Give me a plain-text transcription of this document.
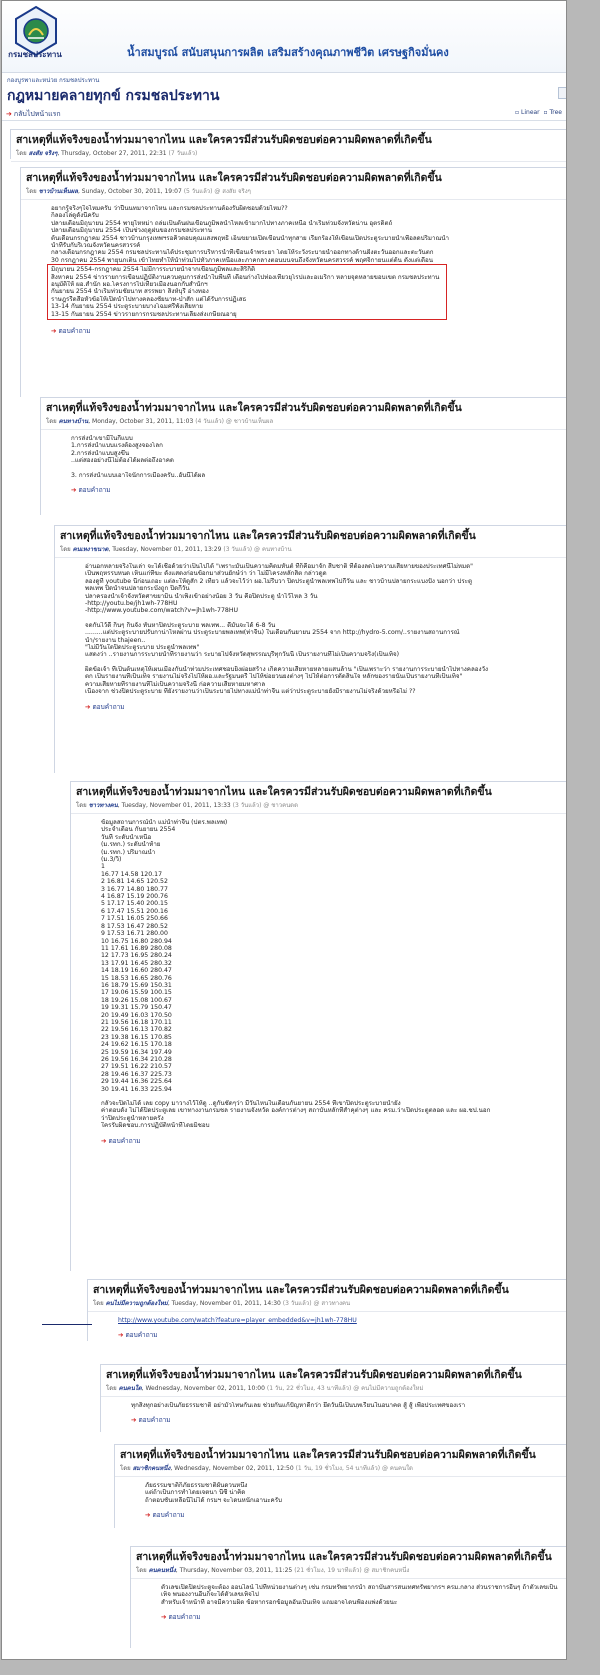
กรมชลประทาน	น้ำสมบูรณ์ สนับสนุนการผลิต เสริมสร้างคุณภาพชีวิต เศรษฐกิจมั่นคง
กองบูรพาและหน่วย กรมชลประทาน
กฎหมายคลายทุกข์ กรมชลประทาน
➔ กลับไปหน้าแรก	▫ Linear ▫ Tree
สาเหตุที่แท้จริงของน้ำท่วมมาจากไหน และใครควรมีส่วนรับผิดชอบต่อความผิดพลาดที่เกิดขึ้น
โดย สงสัย จริงๆ, Thursday, October 27, 2011, 22:31 (7 วันแล้ว)
สาเหตุที่แท้จริงของน้ำท่วมมาจากไหน และใครควรมีส่วนรับผิดชอบต่อความผิดพลาดที่เกิดขึ้น
โดย ชาวบ้านเห็นผล, Sunday, October 30, 2011, 19:07 (5 วันแล้ว) @ สงสัย จริงๆ
อยากรู้จริงๆใจไหมครับ ว่าปีนนทมาจากไหน และกรมชลประทานต้องรับผิดชอบด้วยไหม??
ก็ลองไล่ดูดังนี้ครับ
ปลายเดือนมิถุนายน 2554 พายุไหหม่า ถล่มเป็นต้นฝนเขื่อนภูมิพลน้ำไหลเข้ามากไปทางภาคเหนือ น้ำเริ่มท่วมจังหวัดน่าน อุตรดิตถ์
ปลายเดือนมิถุนายน 2554 เป็นช่วงฤดูฝนของกรมชลประทาน
ต้นเดือนกรกฎาคม 2554 ชาวบ้านกรุงเทพฯรอคิวตอบคุณแสงพฤทธิ์ เอ็นขยายเปิดเขื่อนน้ำทุกสาย เรียกร้องให้เขื่อนเปิดประตูระบายน้ำเพื่อลดปริมาณน้ำ
น้ำที่รับกับริเวณจังหวัดนครสวรรค์
กลางเดือนกรกฎาคม 2554 กรมชลประทานได้ประชุมการบริหารน้ำที่เขื่อนเจ้าพระยา โดยให้ระวังระบายน้ำออกทางด้านฝั่งตะวันออกและตะวันตก
30 กรกฎาคม 2554 พายุนกเต็น เข้าไทยทำให้น้ำท่วมไปทั่วภาคเหนือและภาคกลางตอนบนจนถึงจังหวัดนครสวรรค์ พฤศจิกายนแต่ต้น ตั้งแต่เดือน
มิถุนายน 2554-กรกฎาคม 2554 ไม่มีการระบายน้ำจากเขื่อนภูมิพลและสิริกิติ์
สิงหาคม 2554 ข่าวรายการเขื่อนปฏิบัติงานควบคุมการส่งน้ำในพื้นที่ เดือนก่างไปท่องเที่ยวยุโรปและอเมริกา หลายจุดหลายขอบเขต กรมชลประทาน
อนุมัติให้ ผอ.สำนัก ผอ.โครงการไปเที่ยวเมืองนอกกับสำนักฯ
กันยายน 2554 น้ำเริ่มท่วมชัยนาท สรรพยา สิงห์บุรี อ่างทอง
ราษฎรรีดสื่อหัวข้อให้เปิดน้ำไปทางคลองชัยนาท-ป่าสัก แต่ได้รับการปฏิเสธ
13-14 กันยายน 2554 ประตูระบายบางโฉมศรีพังเสียหาย
13-15 กันยายน 2554 ข่าวรายการกรมชลประทานเลี้ยงส่งเกษียณอายุ
➔ ตอบคำถาม
สาเหตุที่แท้จริงของน้ำท่วมมาจากไหน และใครควรมีส่วนรับผิดชอบต่อความผิดพลาดที่เกิดขึ้น
โดย คนทางบ้าน, Monday, October 31, 2011, 11:03 (4 วันแล้ว) @ ชาวบ้านเห็นผล
การส่งน้ำเขามีในกี่แบบ
1.การส่งน้ำแบบแรงต้องสูงจองโลก
2.การส่งน้ำแบบสูงขึ้น
..แต่สองอย่างนี้ไม่ต้องได้ผลต่อถึงอาคด
3. การส่งน้ำแบบเอาใจนักการเมืองครับ..อันนี้ได้ผล
➔ ตอบคำถาม
สาเหตุที่แท้จริงของน้ำท่วมมาจากไหน และใครควรมีส่วนรับผิดชอบต่อความผิดพลาดที่เกิดขึ้น
โดย คนเหงาขนาด, Tuesday, November 01, 2011, 13:29 (3 วันแล้ว) @ คนทางบ้าน
อ่านอกหลายจริงในเล่า จะได้เชื่อด้วยว่าเป็นไปได้ "เพราะมันเป็นความคิดมหันต์ ที่ก็คือมาจัก สืบชาติ ที่ต้องลดโยความเสียหายของประเทศนี้ไม่หมด"
เป็นพฤหรรบหนด เห็นแก่ทีฆะ ดังแสดงก่อนข้อกมาส่วนยักษ์ว่า ว่า ไม่มีโครงหลักสิต กล่าวดูด
ลองดูที่ youtube นี่ก่อนเถอะ แต่ละให้ดูสัก 2 เที่ยว แล้วจะไว้ว่า ผอ.ไม่รีบวา ปิดประตูน้ำพลเทพไปกี่วัน และ ชาวบ้านปลายกระแบงปัง นอกว่า ประตู
พลเทพ ปิดน้ำจนปลายกระบังถูก ปิดกี่วัน
ปลาครองน้ำเจ้าจังหวัดศาขยามิน น้ำเพิ่งเข้าอย่างน้อย 3 วัน คือปิดประตู น้ำไว้ไหล 3 วัน
-http://youtu.be/jh1wh-778HU
-http://www.youtube.com/watch?v=jh1wh-778HU
จดกันไว้ดี กิ้นๆ กิ้นจัง ทันหาปิดประตูระบาย พลเทพ... ดีมันจะได้ 6-8 วัน
.........แต่ประตูระบายปรับกาน่าไหลผ่าน ประตูระบายพลเทพ(ท่าจีน) ในเดือนกันยายน 2554 จาก http://hydro-5.com/..รายงานสถานการณ์
น้ำ/รายงาน thajeen..
"ไม่มีวันใดปิดประตูระบาย ประตูน้ำพลเทพ"
แสดงว่า ..รายงานการระบายน้ำที่รายงานว่า ระบายไปจังหวัดสุพรรณบุรีทุกวันนี้ เป็นรายงานที่ไม่เป็นความจริง(เป็นเท็จ)
ผิดข้อเจ้า ที่เป็นต้นเหตุให้เผนเมืองกันน้ำท่วมประเทศชอบยิ่งผ่อยสร้าง เกิดความเสียหายหลายแสนล้าน "เป็นเพราะว่า รายงานการระบายน้ำไปทางคลองวัง
ตก เป็นรายงานที่เป็นเท็จ รายงานไม่จริงไปให้ผอ.และรัฐมนตรี ไปให้ข่อยวนยงต่างๆ ไปให้ต่อการตัดสินใจ หลักของรายนั้นเป็นรายงานที่เป็นเท็จ"
ความเสียหายที่รายงานที่ไม่เป็นความจริงนี้ ก่อความเสียหายมหาศาล
เนื่องจาก ช่วงปิดประตูระบาย ที่ยังรายงานว่าเป็นระบายไปทางแม่น้ำท่าจีน แต่ว่าประตูระบายยังมีรายงานไม่จริงด้วยหรือไม่ ??
➔ ตอบคำถาม
สาเหตุที่แท้จริงของน้ำท่วมมาจากไหน และใครควรมีส่วนรับผิดชอบต่อความผิดพลาดที่เกิดขึ้น
โดย ชาวทางคน, Tuesday, November 01, 2011, 13:33 (3 วันแล้ว) @ ชาวคนดด
ข้อมูลสถานการณ์น้ำ แม่น้ำท่าจีน (ปตร.พลเทพ)
ประจำเดือน กันยายน 2554
วันที่ ระดับน้ำเหนือ
(ม.รทก.) ระดับน้ำท้าย
(ม.รทก.) ปริมาณน้ำ
(ม.3/วิ)
1
16.77 14.58 120.17
2 16.81 14.65 120.52
3 16.77 14.80 180.77
4 16.87 15.19 200.76
5 17.17 15.40 200.15
6 17.47 15.51 200.16
7 17.51 16.05 250.66
8 17.53 16.47 280.52
9 17.53 16.71 280.00
10 16.75 16.80 280.94
11 17.61 16.89 280.08
12 17.73 16.95 280.24
13 17.91 16.45 280.32
14 18.19 16.60 280.47
15 18.53 16.65 280.76
16 18.79 15.69 150.31
17 19.06 15.59 100.15
18 19.26 15.08 100.67
19 19.31 15.79 150.47
20 19.49 16.03 170.50
21 19.56 16.18 170.11
22 19.56 16.13 170.82
23 19.38 16.15 170.85
24 19.62 16.15 170.18
25 19.59 16.34 197.49
26 19.56 16.34 210.28
27 19.51 16.22 210.57
28 19.46 16.37 225.73
29 19.44 16.36 225.64
30 19.41 16.33 225.94
กลัวจะปิดไม่ได้ เลย copy มาวางไว้ให้ดู ..ดูกันชัดๆว่า มีวันไหนในเดือนกันยายน 2554 ที่เขาปิดประตูระบายน้ำยัง
ค่าตอบดัง ไม่ได้ปิดประตูเลย เขาทางงานกรมชล รายงานจังหวัด องค์การต่างๆ สถาบันหลักที่สำคุต่างๆ และ ครม.ว่าเปิดประตูตลอด และ ผอ.ชป.นอก
ว่าปิดประตูน้ำหลายครั้ง
ใครรับผิดชอบ.การปฏิบัติหน้าที่โดยมิชอบ
➔ ตอบคำถาม
สาเหตุที่แท้จริงของน้ำท่วมมาจากไหน และใครควรมีส่วนรับผิดชอบต่อความผิดพลาดที่เกิดขึ้น
โดย คนไม่มีความถูกต้องใหม่, Tuesday, November 01, 2011, 14:30 (3 วันแล้ว) @ สาวทางคน
http://www.youtube.com/watch?feature=player_embedded&v=jh1wh-778HU
➔ ตอบคำถาม
สาเหตุที่แท้จริงของน้ำท่วมมาจากไหน และใครควรมีส่วนรับผิดชอบต่อความผิดพลาดที่เกิดขึ้น
โดย คนคนใด, Wednesday, November 02, 2011, 10:00 (1 วัน, 22 ชั่วโมง, 43 นาทีแล้ว) @ คนไม่มีความถูกต้องใหม่
ทุกสิ่งทุกอย่างเป็นภัยธรรมชาติ อย่ามัวโทษกันเลย ช่วยกันแก้ปัญหาดีกว่า ยึดวันนี้เป็นบทเรียนในอนาคต สู้ สู้ เพื่อประเทศของเรา
➔ ตอบคำถาม
สาเหตุที่แท้จริงของน้ำท่วมมาจากไหน และใครควรมีส่วนรับผิดชอบต่อความผิดพลาดที่เกิดขึ้น
โดย สมาชิกคนหนึ่ง, Wednesday, November 02, 2011, 12:50 (1 วัน, 19 ชั่วโมง, 54 นาทีแล้ว) @ คนคนใด
ภัยธรรมชาติก็ภัยธรรมชาติผันดวนหนึ่ง
แต่ถ้าเป็นการทำโดยเจตนา นี่ซี น่าคิด
ถ้าตอบชั้นเหลือนี้ไม่ได้ กรมฯ จะโดนหนักเอานะครับ
➔ ตอบคำถาม
สาเหตุที่แท้จริงของน้ำท่วมมาจากไหน และใครควรมีส่วนรับผิดชอบต่อความผิดพลาดที่เกิดขึ้น
โดย คนคนหนึ่ง, Thursday, November 03, 2011, 11:25 (21 ชั่วโมง, 19 นาทีแล้ว) @ สมาชิกคนหนึ่ง
ตัวเลขเปิดปิดประตูจะต้อง ออนไลน์ ไปที่หน่วยงานต่างๆ เช่น กรมทรัพยากรน้ำ สถาบันสารสนเทศทรัพยากรฯ ครม.กลาง ส่วนราชการอื่นๆ ถ้าตัวเลขเป็น
เท็จ พนองงานอื่นก็จะได้ตัวเลขเท็จไป
สำหรับเจ้าหน้าที่ อาจมีความผิด ข้อหากรอกข้อมูลอันเป็นเท็จ แถมอาจโดนฟ้องแพ่งด้วยนะ
➔ ตอบคำถาม
